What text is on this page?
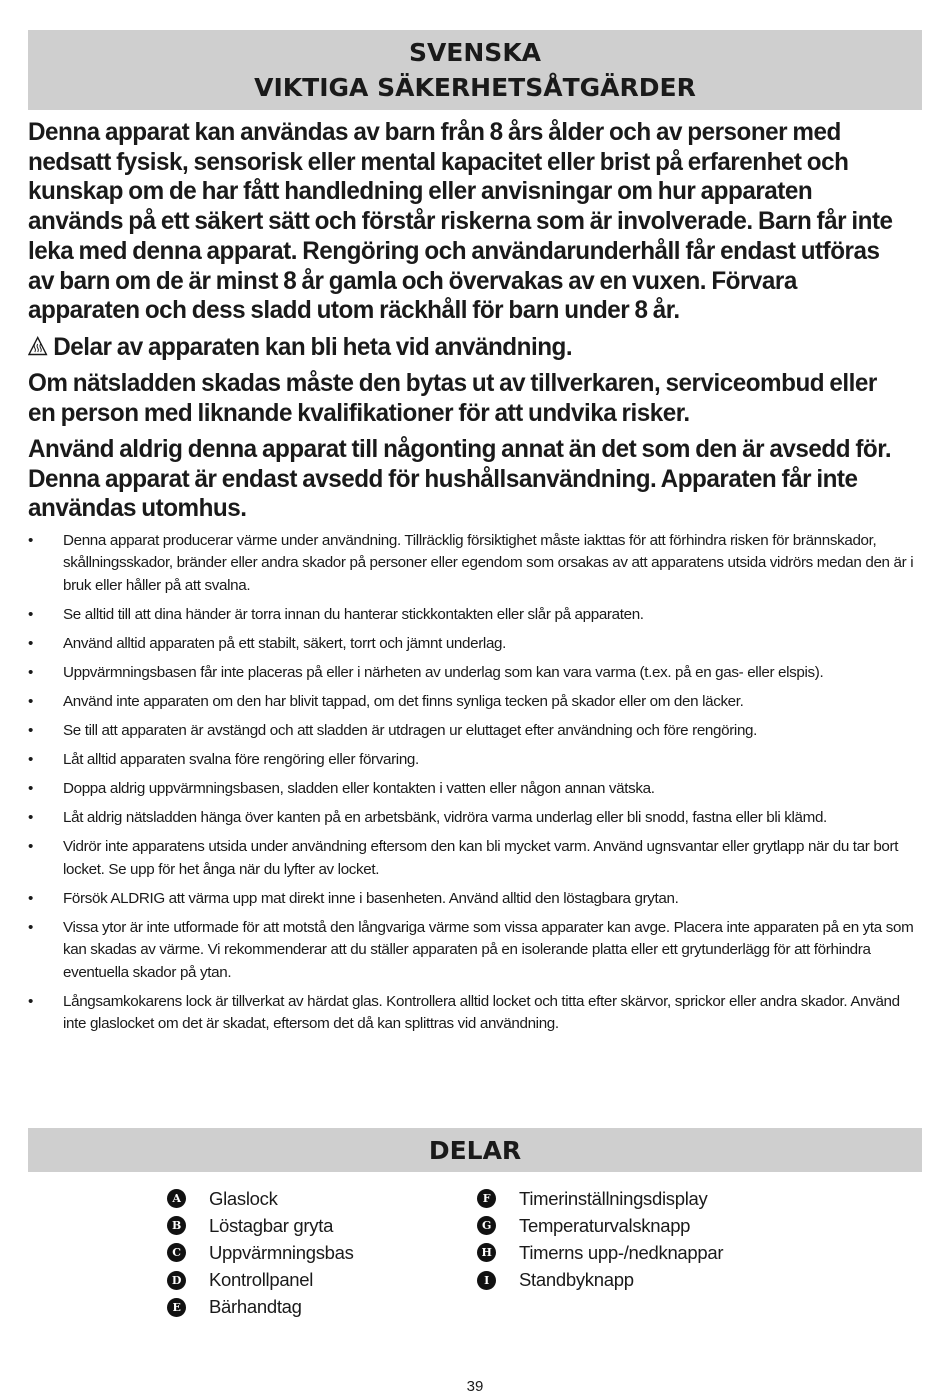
SVENSKA
VIKTIGA SÄKERHETSÅTGÄRDER
Denna apparat kan användas av barn från 8 års ålder och av personer med nedsatt fysisk, sensorisk eller mental kapacitet eller brist på erfarenhet och kunskap om de har fått handledning eller anvisningar om hur apparaten används på ett säkert sätt och förstår riskerna som är involverade. Barn får inte leka med denna apparat. Rengöring och användarunderhåll får endast utföras av barn om de är minst 8 år gamla och övervakas av en vuxen. Förvara apparaten och dess sladd utom räckhåll för barn under 8 år.
Delar av apparaten kan bli heta vid användning.
Om nätsladden skadas måste den bytas ut av tillverkaren, serviceombud eller en person med liknande kvalifikationer för att undvika risker.
Använd aldrig denna apparat till någonting annat än det som den är avsedd för. Denna apparat är endast avsedd för hushållsanvändning. Apparaten får inte användas utomhus.
• Denna apparat producerar värme under användning. Tillräcklig försiktighet måste iakttas för att förhindra risken för brännskador, skållningsskador, bränder eller andra skador på personer eller egendom som orsakas av att apparatens utsida vidrörs medan den är i bruk eller håller på att svalna.
• Se alltid till att dina händer är torra innan du hanterar stickkontakten eller slår på apparaten.
• Använd alltid apparaten på ett stabilt, säkert, torrt och jämnt underlag.
• Uppvärmningsbasen får inte placeras på eller i närheten av underlag som kan vara varma (t.ex. på en gas- eller elspis).
• Använd inte apparaten om den har blivit tappad, om det finns synliga tecken på skador eller om den läcker.
• Se till att apparaten är avstängd och att sladden är utdragen ur eluttaget efter användning och före rengöring.
• Låt alltid apparaten svalna före rengöring eller förvaring.
• Doppa aldrig uppvärmningsbasen, sladden eller kontakten i vatten eller någon annan vätska.
• Låt aldrig nätsladden hänga över kanten på en arbetsbänk, vidröra varma underlag eller bli snodd, fastna eller bli klämd.
• Vidrör inte apparatens utsida under användning eftersom den kan bli mycket varm. Använd ugnsvantar eller grytlapp när du tar bort locket. Se upp för het ånga när du lyfter av locket.
• Försök ALDRIG att värma upp mat direkt inne i basenheten. Använd alltid den löstagbara grytan.
• Vissa ytor är inte utformade för att motstå den långvariga värme som vissa apparater kan avge. Placera inte apparaten på en yta som kan skadas av värme. Vi rekommenderar att du ställer apparaten på en isolerande platta eller ett grytunderlägg för att förhindra eventuella skador på ytan.
• Långsamkokarens lock är tillverkat av härdat glas. Kontrollera alltid locket och titta efter skärvor, sprickor eller andra skador. Använd inte glaslocket om det är skadat, eftersom det då kan splittras vid användning.
DELAR
A Glaslock
B Löstagbar gryta
C Uppvärmningsbas
D Kontrollpanel
E Bärhandtag
F	Timerinställningsdisplay
G Temperaturvalsknapp
H Timerns upp-/nedknappar
I	Standbyknapp
39
